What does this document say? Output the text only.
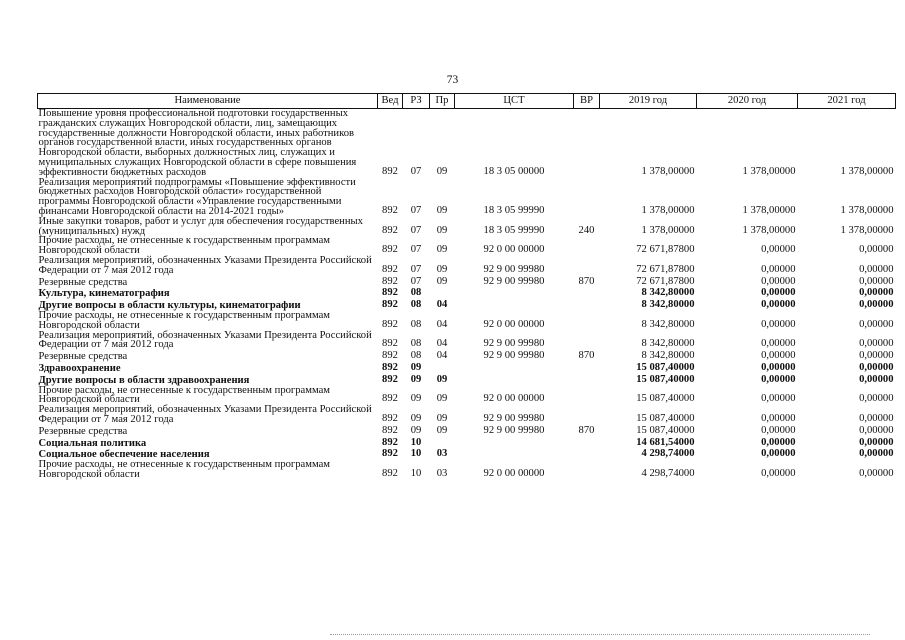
73
Наименование	Вед	РЗ	Пр	ЦСТ	ВР	2019 год	2020 год	2021 год
Повышение уровня профессиональной подготовки государственных гражданских служащих Новгородской области, лиц, замещающих государственные должности Новгородской области, иных работников органов государственной власти, иных государственных органов Новгородской области, выборных должностных лиц, служащих и муниципальных служащих Новгородской области в сфере повышения эффективности бюджетных расходов	892	07	09	18 3 05 00000		1 378,00000	1 378,00000	1 378,00000
Реализация мероприятий подпрограммы «Повышение эффективности бюджетных расходов Новгородской области» государственной программы Новгородской области «Управление государственными финансами Новгородской области на 2014-2021 годы»	892	07	09	18 3 05 99990		1 378,00000	1 378,00000	1 378,00000
Иные закупки товаров, работ и услуг для обеспечения государственных (муниципальных) нужд	892	07	09	18 3 05 99990	240	1 378,00000	1 378,00000	1 378,00000
Прочие расходы, не отнесенные к государственным программам Новгородской области	892	07	09	92 0 00 00000		72 671,87800	0,00000	0,00000
Реализация мероприятий, обозначенных Указами Президента Российской Федерации от 7 мая 2012 года	892	07	09	92 9 00 99980		72 671,87800	0,00000	0,00000
Резервные средства	892	07	09	92 9 00 99980	870	72 671,87800	0,00000	0,00000
Культура, кинематография	892	08				8 342,80000	0,00000	0,00000
Другие вопросы в области культуры, кинематографии	892	08	04			8 342,80000	0,00000	0,00000
Прочие расходы, не отнесенные к государственным программам Новгородской области	892	08	04	92 0 00 00000		8 342,80000	0,00000	0,00000
Реализация мероприятий, обозначенных Указами Президента Российской Федерации от 7 мая 2012 года	892	08	04	92 9 00 99980		8 342,80000	0,00000	0,00000
Резервные средства	892	08	04	92 9 00 99980	870	8 342,80000	0,00000	0,00000
Здравоохранение	892	09				15 087,40000	0,00000	0,00000
Другие вопросы в области здравоохранения	892	09	09			15 087,40000	0,00000	0,00000
Прочие расходы, не отнесенные к государственным программам Новгородской области	892	09	09	92 0 00 00000		15 087,40000	0,00000	0,00000
Реализация мероприятий, обозначенных Указами Президента Российской Федерации от 7 мая 2012 года	892	09	09	92 9 00 99980		15 087,40000	0,00000	0,00000
Резервные средства	892	09	09	92 9 00 99980	870	15 087,40000	0,00000	0,00000
Социальная политика	892	10				14 681,54000	0,00000	0,00000
Социальное обеспечение населения	892	10	03			4 298,74000	0,00000	0,00000
Прочие расходы, не отнесенные к государственным программам Новгородской области	892	10	03	92 0 00 00000		4 298,74000	0,00000	0,00000
